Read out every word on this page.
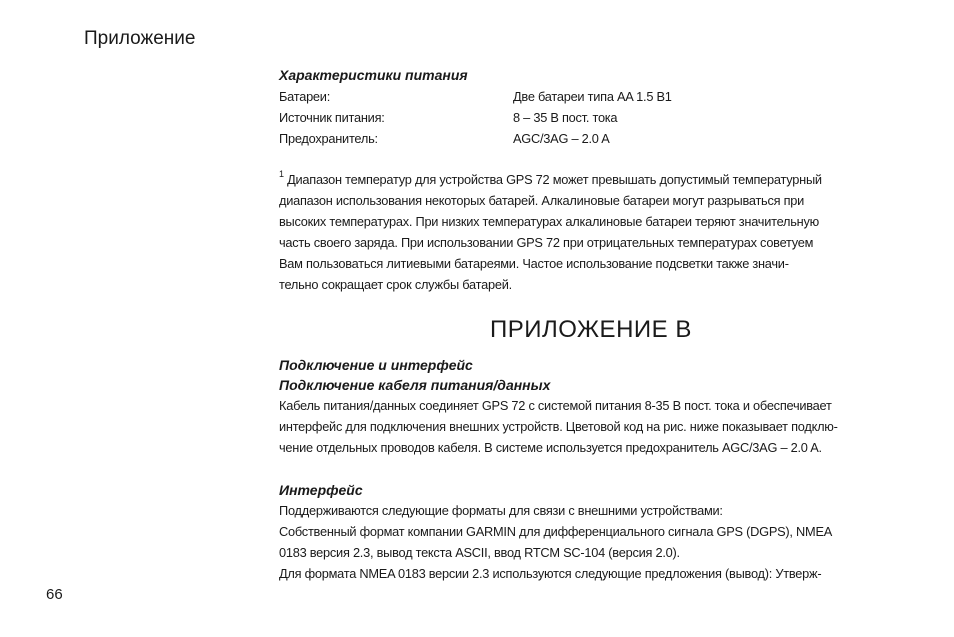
Приложение
Характеристики питания
Батареи:	Две батареи типа AA 1.5 В1
Источник питания:	8 – 35 В пост. тока
Предохранитель:	AGC/3AG – 2.0 A
$^1$ Диапазон температур для устройства GPS 72 может превышать допустимый температурный
диапазон использования некоторых батарей. Алкалиновые батареи могут разрываться при
высоких температурах. При низких температурах алкалиновые батареи теряют значительную
часть своего заряда. При использовании GPS 72 при отрицательных температурах советуем
Вам пользоваться литиевыми батареями. Частое использование подсветки также значи-
тельно сокращает срок службы батарей.
ПРИЛОЖЕНИЕ В
Подключение и интерфейс
Подключение кабеля питания/данных
Кабель питания/данных соединяет GPS 72 с системой питания 8-35 В пост. тока и обеспечивает
интерфейс для подключения внешних устройств. Цветовой код на рис. ниже показывает подклю-
чение отдельных проводов кабеля. В системе используется предохранитель AGC/3AG – 2.0 A.
Интерфейс
Поддерживаются следующие форматы для связи с внешними устройствами:
Собственный формат компании GARMIN для дифференциального сигнала GPS (DGPS), NMEA
0183 версия 2.3, вывод текста ASCII, ввод RTCM SC-104 (версия 2.0).
Для формата NMEA 0183 версии 2.3 используются следующие предложения (вывод): Утверж-
66
